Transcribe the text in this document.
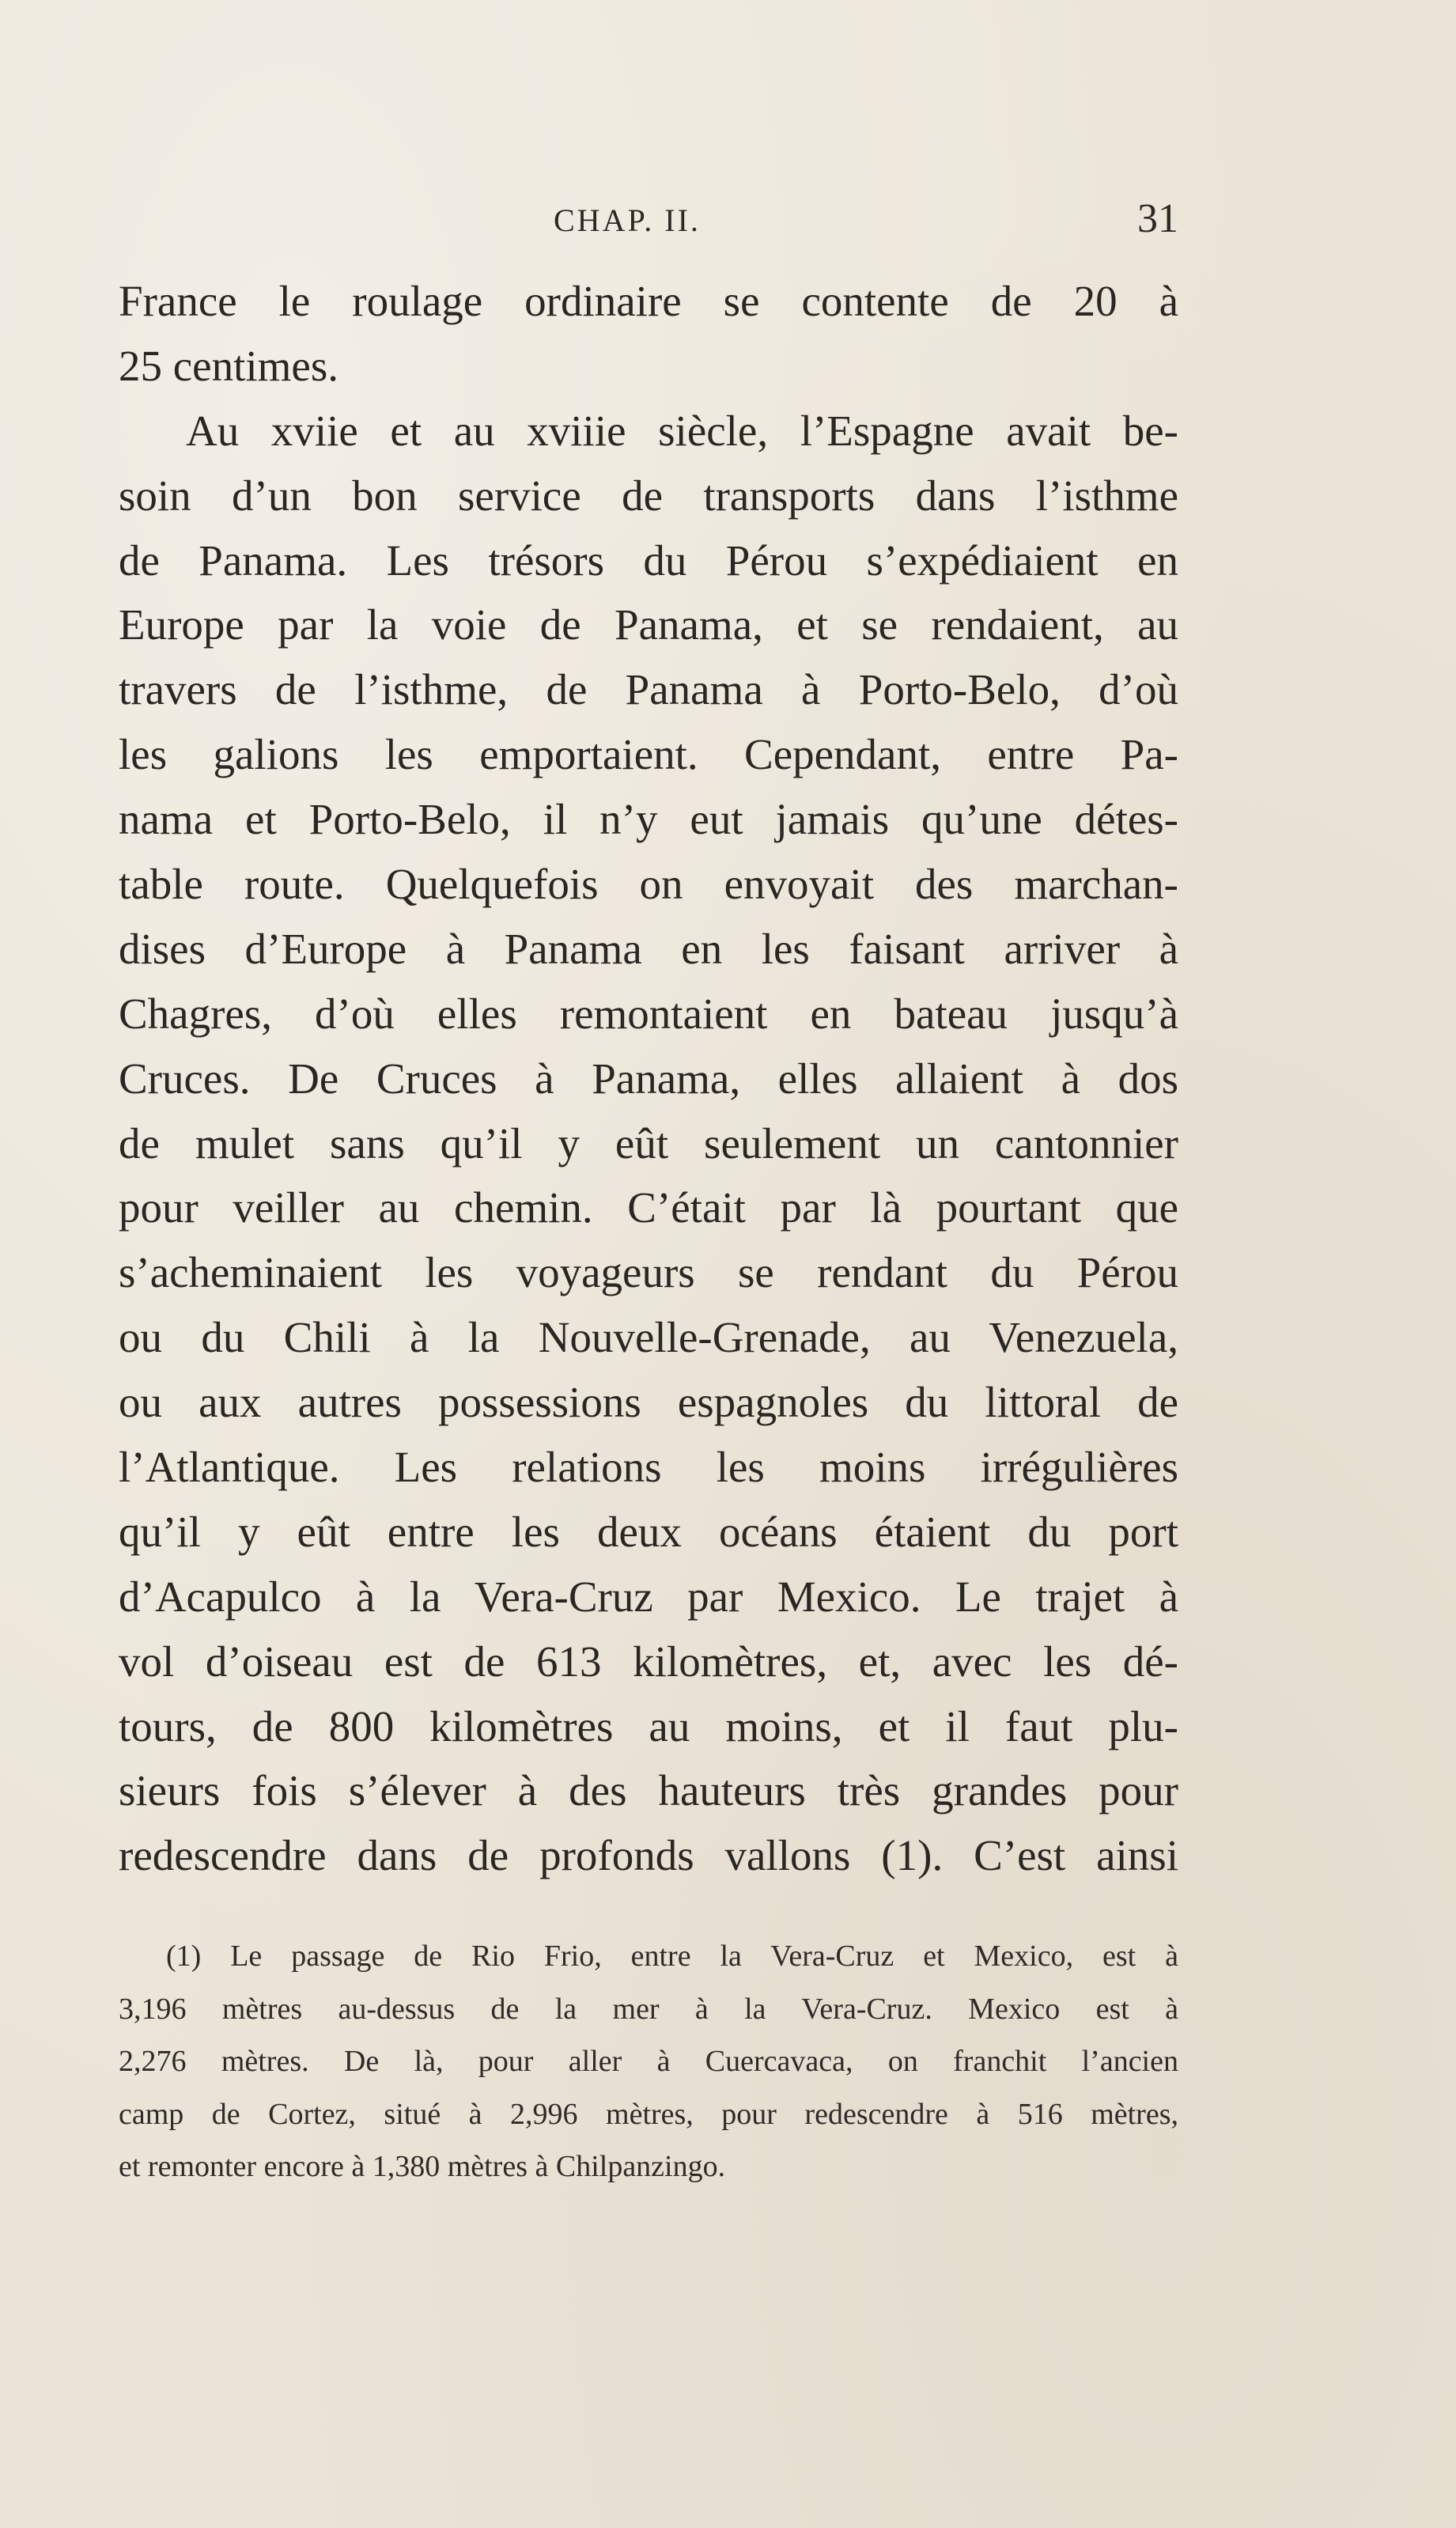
CHAP. II.	31
France le roulage ordinaire se contente de 20 à
25 centimes.
Au xviie et au xviiie siècle, l’Espagne avait be-
soin d’un bon service de transports dans l’isthme
de Panama. Les trésors du Pérou s’expédiaient en
Europe par la voie de Panama, et se rendaient, au
travers de l’isthme, de Panama à Porto-Belo, d’où
les galions les emportaient. Cependant, entre Pa-
nama et Porto-Belo, il n’y eut jamais qu’une détes-
table route. Quelquefois on envoyait des marchan-
dises d’Europe à Panama en les faisant arriver à
Chagres, d’où elles remontaient en bateau jusqu’à
Cruces. De Cruces à Panama, elles allaient à dos
de mulet sans qu’il y eût seulement un cantonnier
pour veiller au chemin. C’était par là pourtant que
s’acheminaient les voyageurs se rendant du Pérou
ou du Chili à la Nouvelle-Grenade, au Venezuela,
ou aux autres possessions espagnoles du littoral de
l’Atlantique. Les relations les moins irrégulières
qu’il y eût entre les deux océans étaient du port
d’Acapulco à la Vera-Cruz par Mexico. Le trajet à
vol d’oiseau est de 613 kilomètres, et, avec les dé-
tours, de 800 kilomètres au moins, et il faut plu-
sieurs fois s’élever à des hauteurs très grandes pour
redescendre dans de profonds vallons (1). C’est ainsi
(1) Le passage de Rio Frio, entre la Vera-Cruz et Mexico, est à
3,196 mètres au-dessus de la mer à la Vera-Cruz. Mexico est à
2,276 mètres. De là, pour aller à Cuercavaca, on franchit l’ancien
camp de Cortez, situé à 2,996 mètres, pour redescendre à 516 mètres,
et remonter encore à 1,380 mètres à Chilpanzingo.
